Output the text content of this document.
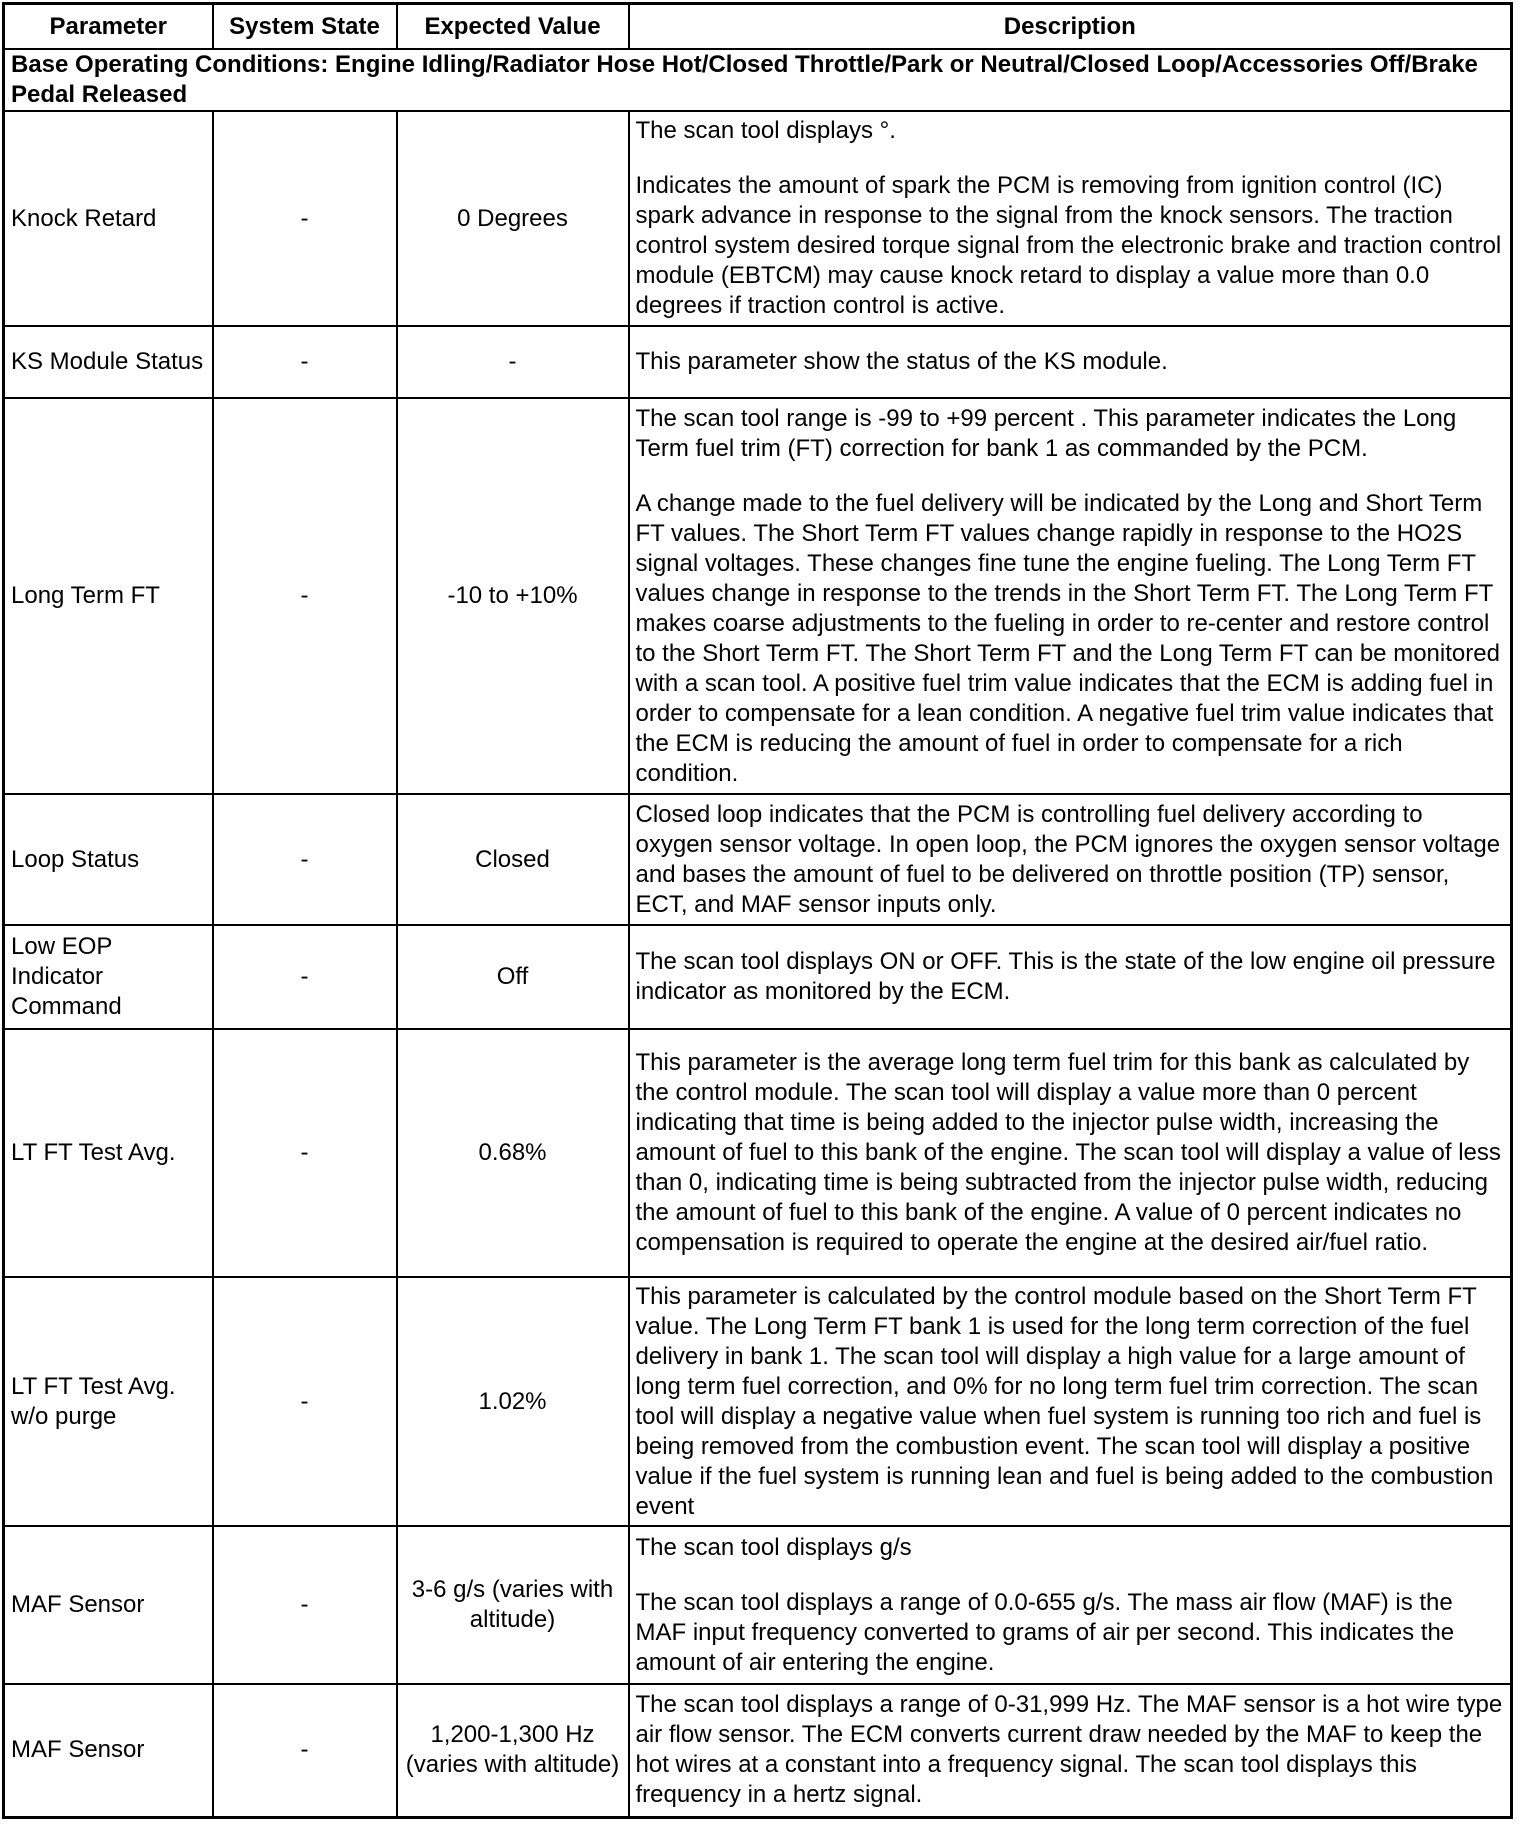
Parameter	System State	Expected Value	Description
Base Operating Conditions: Engine Idling/Radiator Hose Hot/Closed Throttle/Park or Neutral/Closed Loop/Accessories Off/Brake Pedal Released			
Knock Retard	-	0 Degrees	The scan tool displays °.

Indicates the amount of spark the PCM is removing from ignition control (IC) spark advance in response to the signal from the knock sensors. The traction control system desired torque signal from the electronic brake and traction control module (EBTCM) may cause knock retard to display a value more than 0.0 degrees if traction control is active.

KS Module Status	-	-	This parameter show the status of the KS module.

Long Term FT	-	-10 to +10%	The scan tool range is -99 to +99 percent . This parameter indicates the Long Term fuel trim (FT) correction for bank 1 as commanded by the PCM.

A change made to the fuel delivery will be indicated by the Long and Short Term FT values. The Short Term FT values change rapidly in response to the HO2S signal voltages. These changes fine tune the engine fueling. The Long Term FT values change in response to the trends in the Short Term FT. The Long Term FT makes coarse adjustments to the fueling in order to re-center and restore control to the Short Term FT. The Short Term FT and the Long Term FT can be monitored with a scan tool. A positive fuel trim value indicates that the ECM is adding fuel in order to compensate for a lean condition. A negative fuel trim value indicates that the ECM is reducing the amount of fuel in order to compensate for a rich condition.

Loop Status	-	Closed	Closed loop indicates that the PCM is controlling fuel delivery according to oxygen sensor voltage. In open loop, the PCM ignores the oxygen sensor voltage and bases the amount of fuel to be delivered on throttle position (TP) sensor, ECT, and MAF sensor inputs only.

Low EOP Indicator Command	-	Off	The scan tool displays ON or OFF. This is the state of the low engine oil pressure indicator as monitored by the ECM.

LT FT Test Avg.	-	0.68%	This parameter is the average long term fuel trim for this bank as calculated by the control module. The scan tool will display a value more than 0 percent indicating that time is being added to the injector pulse width, increasing the amount of fuel to this bank of the engine. The scan tool will display a value of less than 0, indicating time is being subtracted from the injector pulse width, reducing the amount of fuel to this bank of the engine. A value of 0 percent indicates no compensation is required to operate the engine at the desired air/fuel ratio.

LT FT Test Avg. w/o purge	-	1.02%	This parameter is calculated by the control module based on the Short Term FT value. The Long Term FT bank 1 is used for the long term correction of the fuel delivery in bank 1. The scan tool will display a high value for a large amount of long term fuel correction, and 0% for no long term fuel trim correction. The scan tool will display a negative value when fuel system is running too rich and fuel is being removed from the combustion event. The scan tool will display a positive value if the fuel system is running lean and fuel is being added to the combustion event

MAF Sensor	-	3-6 g/s (varies with altitude)	The scan tool displays g/s

The scan tool displays a range of 0.0-655 g/s. The mass air flow (MAF) is the MAF input frequency converted to grams of air per second. This indicates the amount of air entering the engine.

MAF Sensor	-	1,200-1,300 Hz (varies with altitude)	The scan tool displays a range of 0-31,999 Hz. The MAF sensor is a hot wire type air flow sensor. The ECM converts current draw needed by the MAF to keep the hot wires at a constant into a frequency signal. The scan tool displays this frequency in a hertz signal.
